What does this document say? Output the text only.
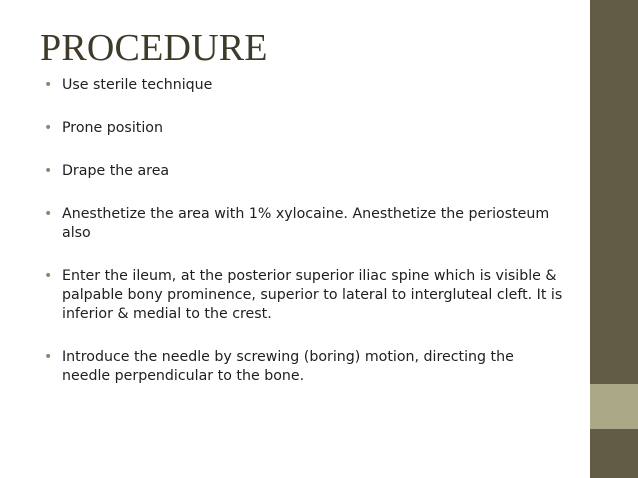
PROCEDURE
• Use sterile technique
• Prone position
• Drape the area
• Anesthetize the area with 1% xylocaine. Anesthetize the periosteum also
• Enter the ileum, at the posterior superior iliac spine which is visible & palpable bony prominence, superior to lateral to intergluteal cleft. It is inferior & medial to the crest.
• Introduce the needle by screwing (boring) motion, directing the needle perpendicular to the bone.
